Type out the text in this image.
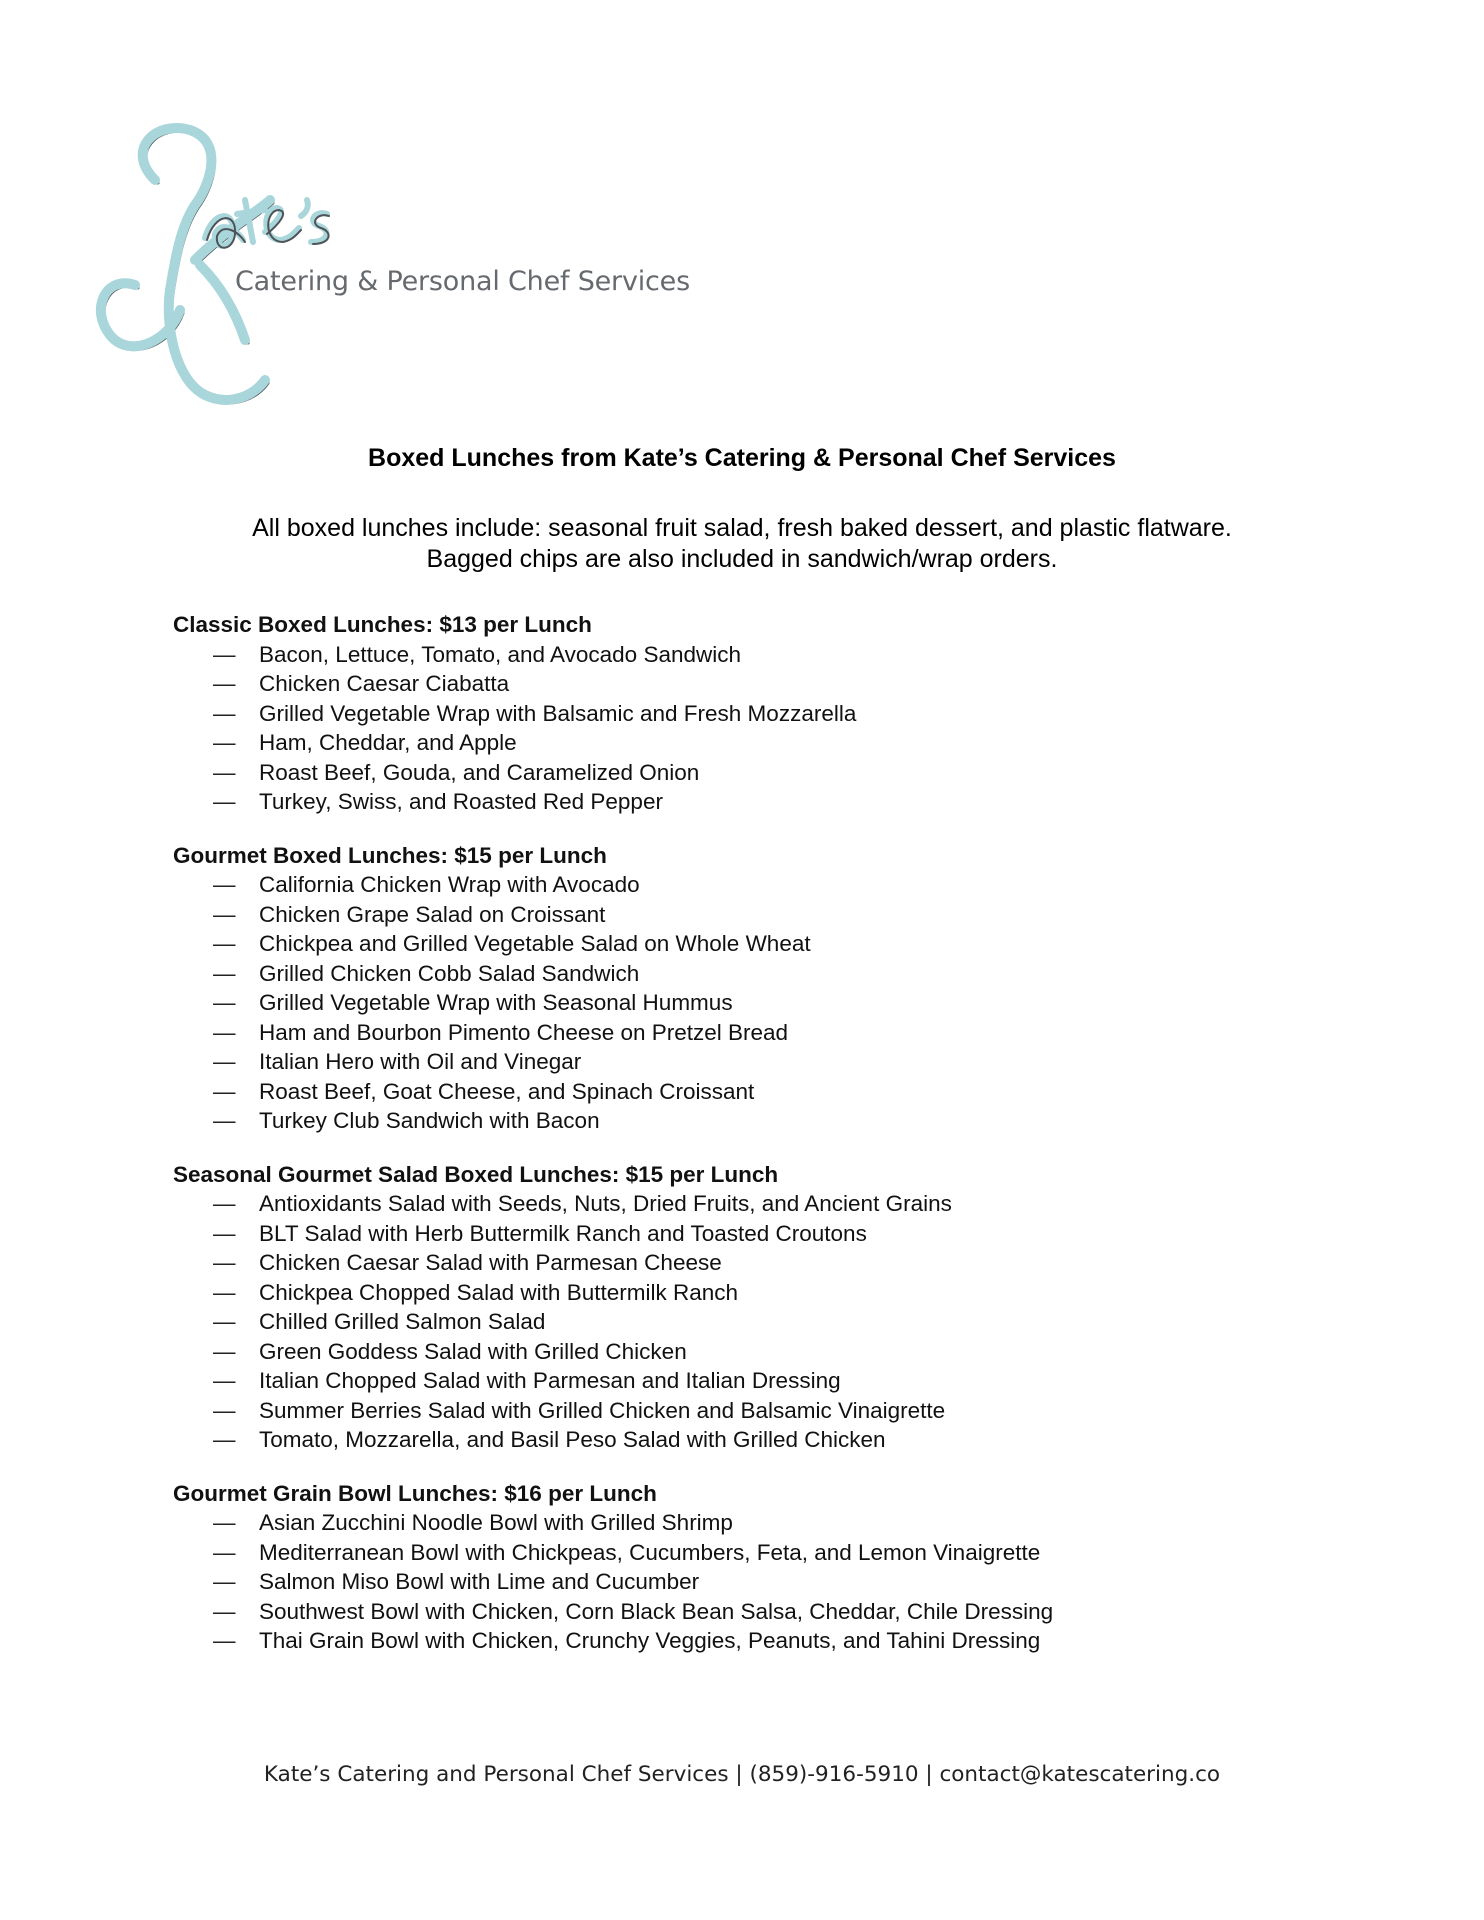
Catering & Personal Chef Services
Boxed Lunches from Kate’s Catering & Personal Chef Services
All boxed lunches include: seasonal fruit salad, fresh baked dessert, and plastic flatware.
Bagged chips are also included in sandwich/wrap orders.
Classic Boxed Lunches: $13 per Lunch
—	Bacon, Lettuce, Tomato, and Avocado Sandwich
—	Chicken Caesar Ciabatta
—	Grilled Vegetable Wrap with Balsamic and Fresh Mozzarella
—	Ham, Cheddar, and Apple
—	Roast Beef, Gouda, and Caramelized Onion
—	Turkey, Swiss, and Roasted Red Pepper
Gourmet Boxed Lunches: $15 per Lunch
—	California Chicken Wrap with Avocado
—	Chicken Grape Salad on Croissant
—	Chickpea and Grilled Vegetable Salad on Whole Wheat
—	Grilled Chicken Cobb Salad Sandwich
—	Grilled Vegetable Wrap with Seasonal Hummus
—	Ham and Bourbon Pimento Cheese on Pretzel Bread
—	Italian Hero with Oil and Vinegar
—	Roast Beef, Goat Cheese, and Spinach Croissant
—	Turkey Club Sandwich with Bacon
Seasonal Gourmet Salad Boxed Lunches: $15 per Lunch
—	Antioxidants Salad with Seeds, Nuts, Dried Fruits, and Ancient Grains
—	BLT Salad with Herb Buttermilk Ranch and Toasted Croutons
—	Chicken Caesar Salad with Parmesan Cheese
—	Chickpea Chopped Salad with Buttermilk Ranch
—	Chilled Grilled Salmon Salad
—	Green Goddess Salad with Grilled Chicken
—	Italian Chopped Salad with Parmesan and Italian Dressing
—	Summer Berries Salad with Grilled Chicken and Balsamic Vinaigrette
—	Tomato, Mozzarella, and Basil Peso Salad with Grilled Chicken
Gourmet Grain Bowl Lunches: $16 per Lunch
—	Asian Zucchini Noodle Bowl with Grilled Shrimp
—	Mediterranean Bowl with Chickpeas, Cucumbers, Feta, and Lemon Vinaigrette
—	Salmon Miso Bowl with Lime and Cucumber
—	Southwest Bowl with Chicken, Corn Black Bean Salsa, Cheddar, Chile Dressing
—	Thai Grain Bowl with Chicken, Crunchy Veggies, Peanuts, and Tahini Dressing
Kate’s Catering and Personal Chef Services | (859)-916-5910 | contact@katescatering.co
